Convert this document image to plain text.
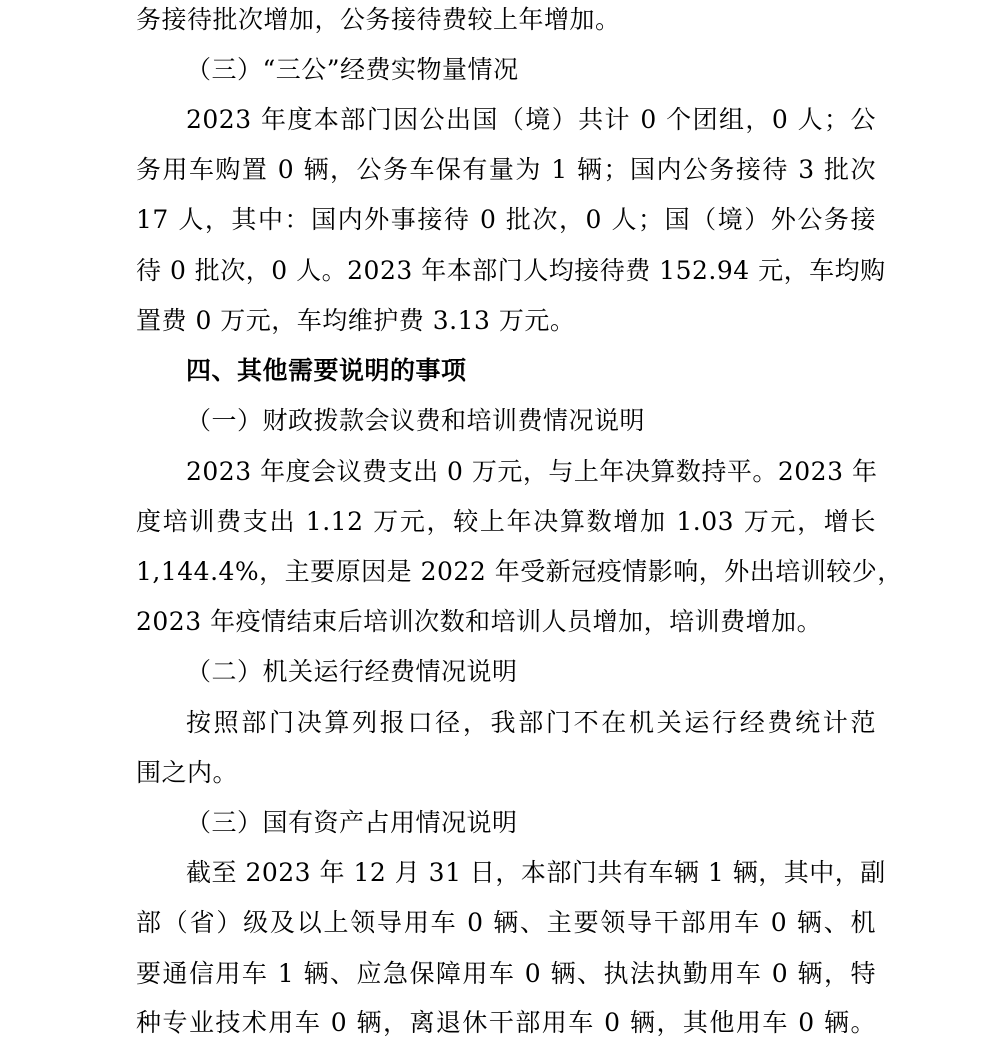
务接待批次增加，公务接待费较上年增加。
（三）“三公”经费实物量情况
2023 年度本部门因公出国（境）共计 0 个团组，0 人；公
务用车购置 0 辆，公务车保有量为 1 辆；国内公务接待 3 批次
17 人，其中：国内外事接待 0 批次，0 人；国（境）外公务接
待 0 批次，0 人。2023 年本部门人均接待费 152.94 元，车均购
置费 0 万元，车均维护费 3.13 万元。
四、其他需要说明的事项
（一）财政拨款会议费和培训费情况说明
2023 年度会议费支出 0 万元，与上年决算数持平。2023 年
度培训费支出 1.12 万元，较上年决算数增加 1.03 万元，增长
1,144.4%，主要原因是 2022 年受新冠疫情影响，外出培训较少，
2023 年疫情结束后培训次数和培训人员增加，培训费增加。
（二）机关运行经费情况说明
按照部门决算列报口径，我部门不在机关运行经费统计范
围之内。
（三）国有资产占用情况说明
截至 2023 年 12 月 31 日，本部门共有车辆 1 辆，其中，副
部（省）级及以上领导用车 0 辆、主要领导干部用车 0 辆、机
要通信用车 1 辆、应急保障用车 0 辆、执法执勤用车 0 辆，特
种专业技术用车 0 辆，离退休干部用车 0 辆，其他用车 0 辆。
